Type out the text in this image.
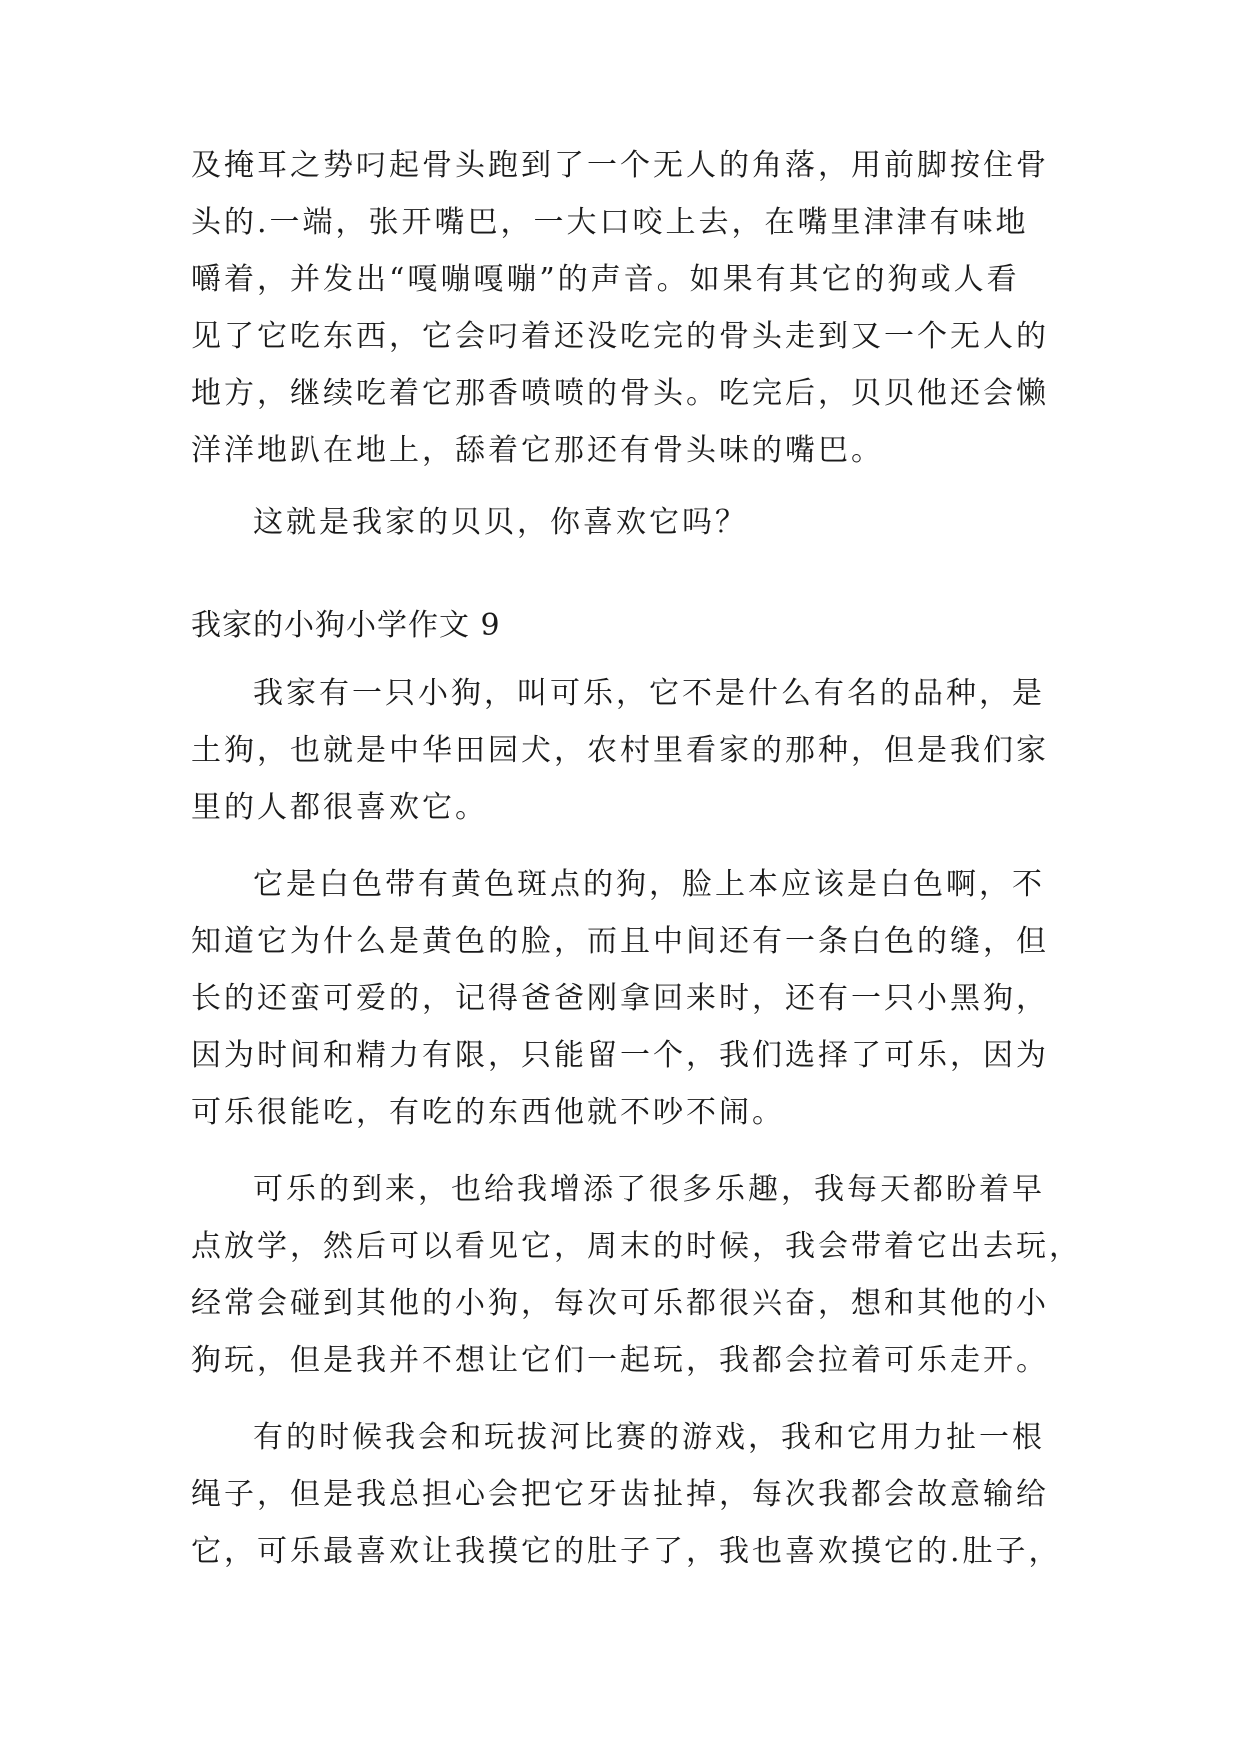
及掩耳之势叼起骨头跑到了一个无人的角落，用前脚按住骨
头的.一端，张开嘴巴，一大口咬上去，在嘴里津津有味地
嚼着，并发出“嘎嘣嘎嘣”的声音。如果有其它的狗或人看
见了它吃东西，它会叼着还没吃完的骨头走到又一个无人的
地方，继续吃着它那香喷喷的骨头。吃完后，贝贝他还会懒
洋洋地趴在地上，舔着它那还有骨头味的嘴巴。
这就是我家的贝贝，你喜欢它吗？
我家的小狗小学作文 9
我家有一只小狗，叫可乐，它不是什么有名的品种，是
土狗，也就是中华田园犬，农村里看家的那种，但是我们家
里的人都很喜欢它。
它是白色带有黄色斑点的狗，脸上本应该是白色啊，不
知道它为什么是黄色的脸，而且中间还有一条白色的缝，但
长的还蛮可爱的，记得爸爸刚拿回来时，还有一只小黑狗，
因为时间和精力有限，只能留一个，我们选择了可乐，因为
可乐很能吃，有吃的东西他就不吵不闹。
可乐的到来，也给我增添了很多乐趣，我每天都盼着早
点放学，然后可以看见它，周末的时候，我会带着它出去玩，
经常会碰到其他的小狗，每次可乐都很兴奋，想和其他的小
狗玩，但是我并不想让它们一起玩，我都会拉着可乐走开。
有的时候我会和玩拔河比赛的游戏，我和它用力扯一根
绳子，但是我总担心会把它牙齿扯掉，每次我都会故意输给
它，可乐最喜欢让我摸它的肚子了，我也喜欢摸它的.肚子，
